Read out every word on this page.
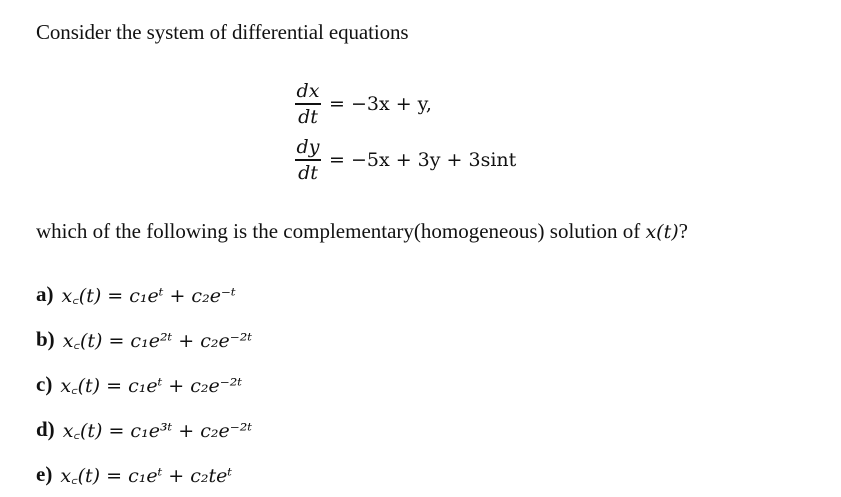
Consider the system of differential equations
$\frac{dx}{dt} = -3x + y$,
$\frac{dy}{dt} = -5x + 3y + 3\sin t$
which of the following is the complementary(homogeneous) solution of x(t)?
a) x꜀(t) = c₁eᵗ + c₂e⁻ᵗ
b) x꜀(t) = c₁e²ᵗ + c₂e⁻²ᵗ
c) x꜀(t) = c₁eᵗ + c₂e⁻²ᵗ
d) x꜀(t) = c₁e³ᵗ + c₂e⁻²ᵗ
e) x꜀(t) = c₁eᵗ + c₂teᵗ
